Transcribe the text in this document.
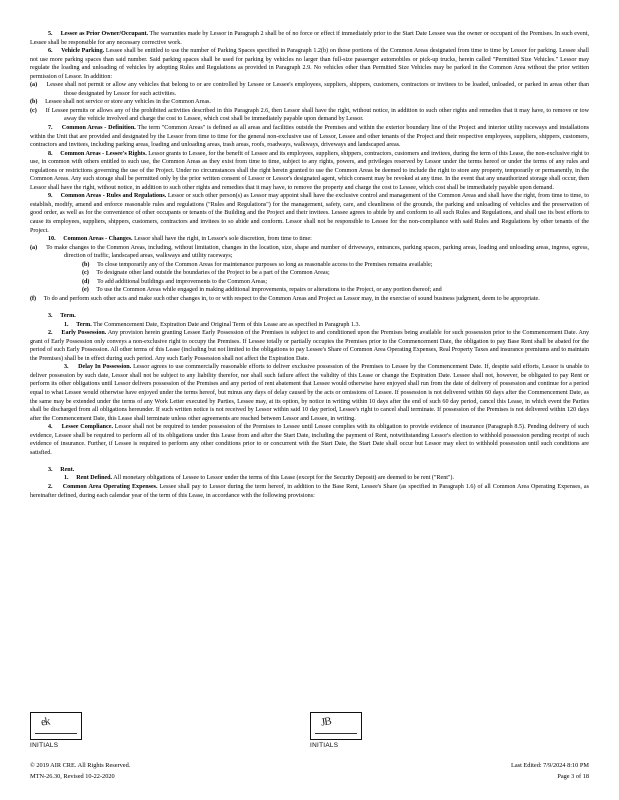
5. Lessee as Prior Owner/Occupant. The warranties made by Lessor in Paragraph 2 shall be of no force or effect if immediately prior to the Start Date Lessee was the owner or occupant of the Premises. In such event, Lessee shall be responsible for any necessary corrective work.
6. Vehicle Parking. Lessee shall be entitled to use the number of Parking Spaces specified in Paragraph 1.2(b) on those portions of the Common Areas designated from time to time by Lessor for parking. Lessee shall not use more parking spaces than said number. Said parking spaces shall be used for parking by vehicles no larger than full-size passenger automobiles or pick-up trucks, herein called "Permitted Size Vehicles." Lessor may regulate the loading and unloading of vehicles by adopting Rules and Regulations as provided in Paragraph 2.9. No vehicles other than Permitted Size Vehicles may be parked in the Common Area without the prior written permission of Lessor. In addition:
(a) Lessee shall not permit or allow any vehicles that belong to or are controlled by Lessee or Lessee's employees, suppliers, shippers, customers, contractors or invitees to be loaded, unloaded, or parked in areas other than those designated by Lessor for such activities.
(b) Lessee shall not service or store any vehicles in the Common Areas.
(c) If Lessee permits or allows any of the prohibited activities described in this Paragraph 2.6, then Lessor shall have the right, without notice, in addition to such other rights and remedies that it may have, to remove or tow away the vehicle involved and charge the cost to Lessee, which cost shall be immediately payable upon demand by Lessor.
7. Common Areas - Definition. The term "Common Areas" is defined as all areas and facilities outside the Premises and within the exterior boundary line of the Project and interior utility raceways and installations within the Unit that are provided and designated by the Lessor from time to time for the general non-exclusive use of Lessor, Lessee and other tenants of the Project and their respective employees, suppliers, shippers, customers, contractors and invitees, including parking areas, loading and unloading areas, trash areas, roofs, roadways, walkways, driveways and landscaped areas.
8. Common Areas - Lessee's Rights. Lessor grants to Lessee, for the benefit of Lessee and its employees, suppliers, shippers, contractors, customers and invitees, during the term of this Lease, the non-exclusive right to use, in common with others entitled to such use, the Common Areas as they exist from time to time, subject to any rights, powers, and privileges reserved by Lessor under the terms hereof or under the terms of any rules and regulations or restrictions governing the use of the Project. Under no circumstances shall the right herein granted to use the Common Areas be deemed to include the right to store any property, temporarily or permanently, in the Common Areas. Any such storage shall be permitted only by the prior written consent of Lessor or Lessor's designated agent, which consent may be revoked at any time. In the event that any unauthorized storage shall occur, then Lessor shall have the right, without notice, in addition to such other rights and remedies that it may have, to remove the property and charge the cost to Lessee, which cost shall be immediately payable upon demand.
9. Common Areas - Rules and Regulations. Lessor or such other person(s) as Lessor may appoint shall have the exclusive control and management of the Common Areas and shall have the right, from time to time, to establish, modify, amend and enforce reasonable rules and regulations ("Rules and Regulations") for the management, safety, care, and cleanliness of the grounds, the parking and unloading of vehicles and the preservation of good order, as well as for the convenience of other occupants or tenants of the Building and the Project and their invitees. Lessee agrees to abide by and conform to all such Rules and Regulations, and shall use its best efforts to cause its employees, suppliers, shippers, customers, contractors and invitees to so abide and conform. Lessor shall not be responsible to Lessee for the non-compliance with said Rules and Regulations by other tenants of the Project.
10. Common Areas - Changes. Lessor shall have the right, in Lessor's sole discretion, from time to time:
(a) To make changes to the Common Areas, including, without limitation, changes in the location, size, shape and number of driveways, entrances, parking spaces, parking areas, loading and unloading areas, ingress, egress, direction of traffic, landscaped areas, walkways and utility raceways;
(b) To close temporarily any of the Common Areas for maintenance purposes so long as reasonable access to the Premises remains available;
(c) To designate other land outside the boundaries of the Project to be a part of the Common Areas;
(d) To add additional buildings and improvements to the Common Areas;
(e) To use the Common Areas while engaged in making additional improvements, repairs or alterations to the Project, or any portion thereof; and
(f) To do and perform such other acts and make such other changes in, to or with respect to the Common Areas and Project as Lessor may, in the exercise of sound business judgment, deem to be appropriate.
3. Term.
1. Term. The Commencement Date, Expiration Date and Original Term of this Lease are as specified in Paragraph 1.3.
2. Early Possession. Any provision herein granting Lessee Early Possession of the Premises is subject to and conditioned upon the Premises being available for such possession prior to the Commencement Date. Any grant of Early Possession only conveys a non-exclusive right to occupy the Premises. If Lessee totally or partially occupies the Premises prior to the Commencement Date, the obligation to pay Base Rent shall be abated for the period of such Early Possession. All other terms of this Lease (including but not limited to the obligations to pay Lessee's Share of Common Area Operating Expenses, Real Property Taxes and insurance premiums and to maintain the Premises) shall be in effect during such period. Any such Early Possession shall not affect the Expiration Date.
3. Delay In Possession. Lessor agrees to use commercially reasonable efforts to deliver exclusive possession of the Premises to Lessee by the Commencement Date. If, despite said efforts, Lessor is unable to deliver possession by such date, Lessor shall not be subject to any liability therefor, nor shall such failure affect the validity of this Lease or change the Expiration Date. Lessee shall not, however, be obligated to pay Rent or perform its other obligations until Lessor delivers possession of the Premises and any period of rent abatement that Lessee would otherwise have enjoyed shall run from the date of delivery of possession and continue for a period equal to what Lessee would otherwise have enjoyed under the terms hereof, but minus any days of delay caused by the acts or omissions of Lessee. If possession is not delivered within 60 days after the Commencement Date, as the same may be extended under the terms of any Work Letter executed by Parties, Lessee may, at its option, by notice in writing within 10 days after the end of such 60 day period, cancel this Lease, in which event the Parties shall be discharged from all obligations hereunder. If such written notice is not received by Lessor within said 10 day period, Lessee's right to cancel shall terminate. If possession of the Premises is not delivered within 120 days after the Commencement Date, this Lease shall terminate unless other agreements are reached between Lessor and Lessee, in writing.
4. Lessee Compliance. Lessor shall not be required to tender possession of the Premises to Lessee until Lessee complies with its obligation to provide evidence of insurance (Paragraph 8.5). Pending delivery of such evidence, Lessee shall be required to perform all of its obligations under this Lease from and after the Start Date, including the payment of Rent, notwithstanding Lessor's election to withhold possession pending receipt of such evidence of insurance. Further, if Lessee is required to perform any other conditions prior to or concurrent with the Start Date, the Start Date shall occur but Lessor may elect to withhold possession until such conditions are satisfied.
3. Rent.
1. Rent Defined. All monetary obligations of Lessee to Lessor under the terms of this Lease (except for the Security Deposit) are deemed to be rent ("Rent").
2. Common Area Operating Expenses. Lessee shall pay to Lessor during the term hereof, in addition to the Base Rent, Lessee's Share (as specified in Paragraph 1.6) of all Common Area Operating Expenses, as hereinafter defined, during each calendar year of the term of this Lease, in accordance with the following provisions:
ek
INITIALS
JB
INITIALS
© 2019 AIR CRE. All Rights Reserved.	Last Edited: 7/9/2024 8:10 PM
MTN-26.30, Revised 10-22-2020	Page 3 of 18
